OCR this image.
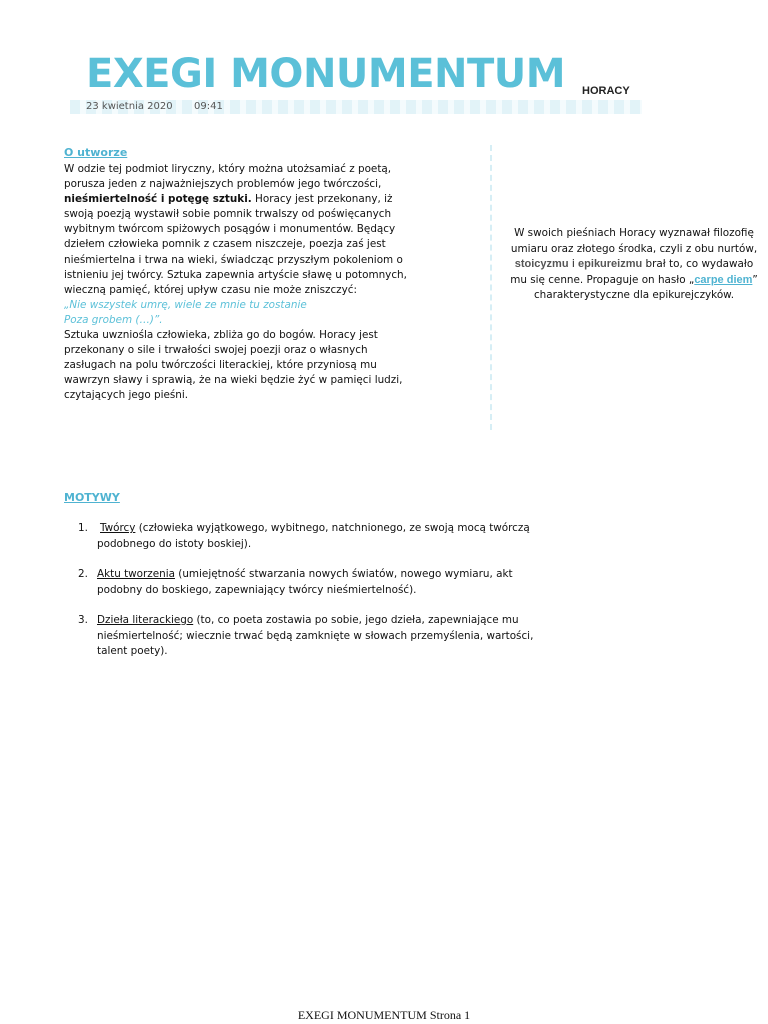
EXEGI MONUMENTUM HORACY
23 kwietnia 2020 09:41
O utworze

W odzie tej podmiot liryczny, który można utożsamiać z poetą, porusza jeden z najważniejszych problemów jego twórczości, nieśmiertelność i potęgę sztuki. Horacy jest przekonany, iż swoją poezją wystawił sobie pomnik trwalszy od poświęcanych wybitnym twórcom spiżowych posągów i monumentów. Będący dziełem człowieka pomnik z czasem niszczeje, poezja zaś jest nieśmiertelna i trwa na wieki, świadcząc przyszłym pokoleniom o istnieniu jej twórcy. Sztuka zapewnia artyście sławę u potomnych, wieczną pamięć, której upływ czasu nie może zniszczyć:

„Nie wszystek umrę, wiele ze mnie tu zostanie

Poza grobem (…)”.

Sztuka uwzniośla człowieka, zbliża go do bogów. Horacy jest przekonany o sile i trwałości swojej poezji oraz o własnych zasługach na polu twórczości literackiej, które przyniosą mu wawrzyn sławy i sprawią, że na wieki będzie żyć w pamięci ludzi, czytających jego pieśni.

W swoich pieśniach Horacy wyznawał filozofię umiaru oraz złotego środka, czyli z obu nurtów, stoicyzmu i epikureizmu brał to, co wydawało mu się cenne. Propaguje on hasło „carpe diem” charakterystyczne dla epikurejczyków.
MOTYWY
1. Twórcy (człowieka wyjątkowego, wybitnego, natchnionego, ze swoją mocą twórczą podobnego do istoty boskiej).
2. Aktu tworzenia (umiejętność stwarzania nowych światów, nowego wymiaru, akt podobny do boskiego, zapewniający twórcy nieśmiertelność).
3. Dzieła literackiego (to, co poeta zostawia po sobie, jego dzieła, zapewniające mu nieśmiertelność; wiecznie trwać będą zamknięte w słowach przemyślenia, wartości, talent poety).
EXEGI MONUMENTUM Strona 1
